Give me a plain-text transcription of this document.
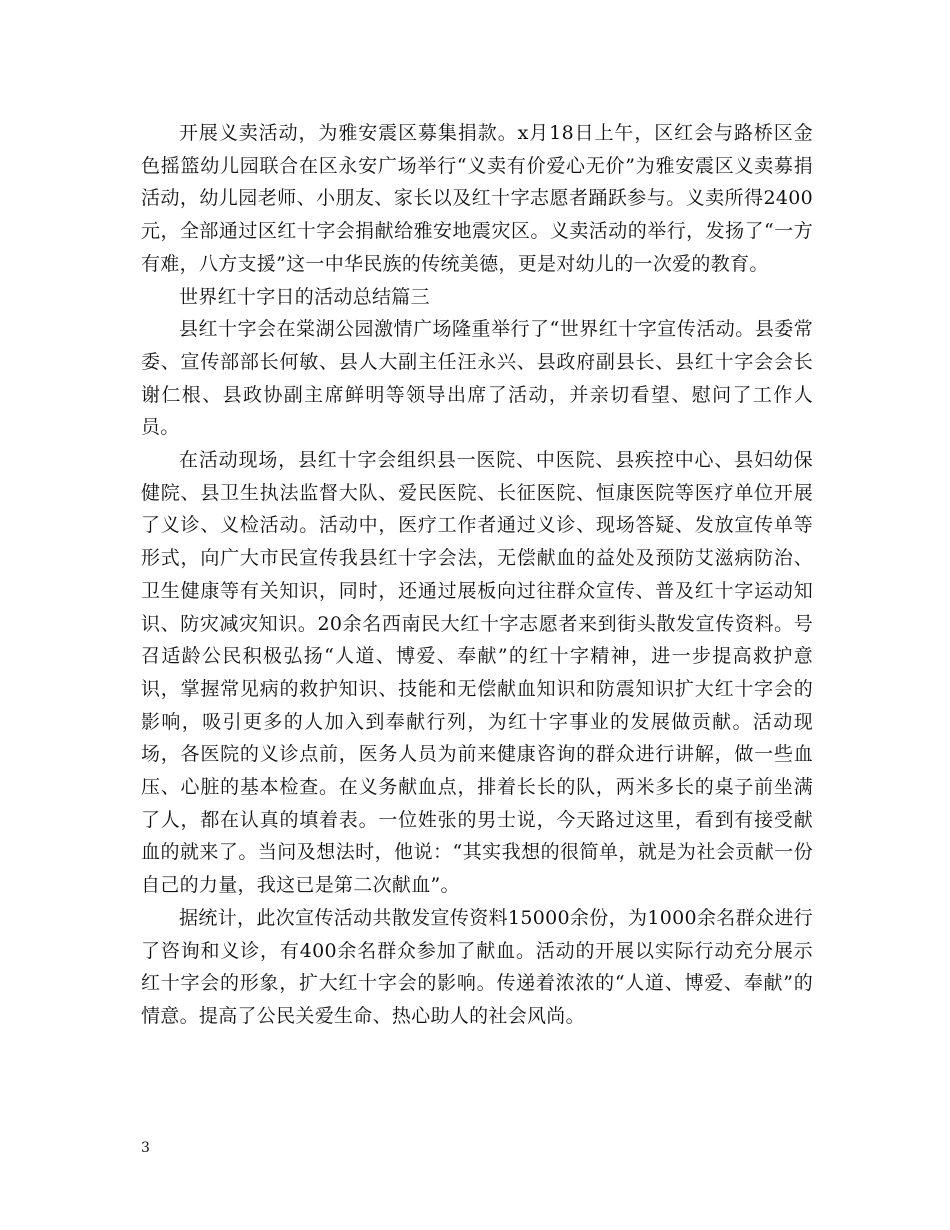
开展义卖活动，为雅安震区募集捐款。x月18日上午，区红会与路桥区金色摇篮幼儿园联合在区永安广场举行“义卖有价爱心无价”为雅安震区义卖募捐活动，幼儿园老师、小朋友、家长以及红十字志愿者踊跃参与。义卖所得2400元，全部通过区红十字会捐献给雅安地震灾区。义卖活动的举行，发扬了“一方有难，八方支援”这一中华民族的传统美德，更是对幼儿的一次爱的教育。

世界红十字日的活动总结篇三

县红十字会在棠湖公园激情广场隆重举行了“世界红十字宣传活动。县委常委、宣传部部长何敏、县人大副主任汪永兴、县政府副县长、县红十字会会长谢仁根、县政协副主席鲜明等领导出席了活动，并亲切看望、慰问了工作人员。

在活动现场，县红十字会组织县一医院、中医院、县疾控中心、县妇幼保健院、县卫生执法监督大队、爱民医院、长征医院、恒康医院等医疗单位开展了义诊、义检活动。活动中，医疗工作者通过义诊、现场答疑、发放宣传单等形式，向广大市民宣传我县红十字会法，无偿献血的益处及预防艾滋病防治、卫生健康等有关知识，同时，还通过展板向过往群众宣传、普及红十字运动知识、防灾减灾知识。20余名西南民大红十字志愿者来到街头散发宣传资料。号召适龄公民积极弘扬“人道、博爱、奉献”的红十字精神，进一步提高救护意识，掌握常见病的救护知识、技能和无偿献血知识和防震知识扩大红十字会的影响，吸引更多的人加入到奉献行列，为红十字事业的发展做贡献。活动现场，各医院的义诊点前，医务人员为前来健康咨询的群众进行讲解，做一些血压、心脏的基本检查。在义务献血点，排着长长的队，两米多长的桌子前坐满了人，都在认真的填着表。一位姓张的男士说，今天路过这里，看到有接受献血的就来了。当问及想法时，他说：“其实我想的很简单，就是为社会贡献一份自己的力量，我这已是第二次献血”。

据统计，此次宣传活动共散发宣传资料15000余份，为1000余名群众进行了咨询和义诊，有400余名群众参加了献血。活动的开展以实际行动充分展示红十字会的形象，扩大红十字会的影响。传递着浓浓的“人道、博爱、奉献”的情意。提高了公民关爱生命、热心助人的社会风尚。

3
